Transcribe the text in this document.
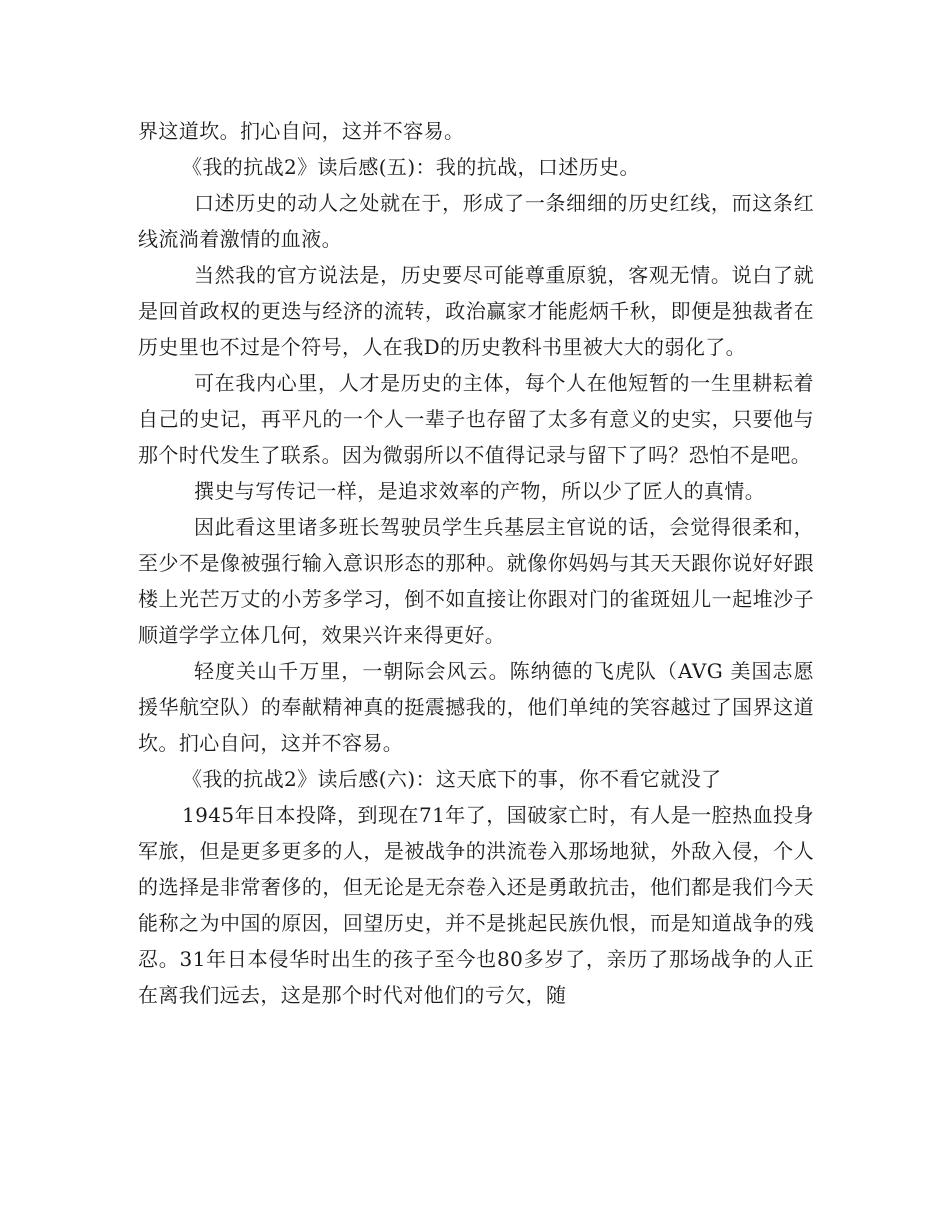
界这道坎。扪心自问，这并不容易。

《我的抗战2》读后感(五)：我的抗战，口述历史。

口述历史的动人之处就在于，形成了一条细细的历史红线，而这条红线流淌着激情的血液。

当然我的官方说法是，历史要尽可能尊重原貌，客观无情。说白了就是回首政权的更迭与经济的流转，政治赢家才能彪炳千秋，即便是独裁者在历史里也不过是个符号，人在我D的历史教科书里被大大的弱化了。

可在我内心里，人才是历史的主体，每个人在他短暂的一生里耕耘着自己的史记，再平凡的一个人一辈子也存留了太多有意义的史实，只要他与那个时代发生了联系。因为微弱所以不值得记录与留下了吗？恐怕不是吧。

撰史与写传记一样，是追求效率的产物，所以少了匠人的真情。

因此看这里诸多班长驾驶员学生兵基层主官说的话，会觉得很柔和，至少不是像被强行输入意识形态的那种。就像你妈妈与其天天跟你说好好跟楼上光芒万丈的小芳多学习，倒不如直接让你跟对门的雀斑妞儿一起堆沙子顺道学学立体几何，效果兴许来得更好。

轻度关山千万里，一朝际会风云。陈纳德的飞虎队（AVG 美国志愿援华航空队）的奉献精神真的挺震撼我的，他们单纯的笑容越过了国界这道坎。扪心自问，这并不容易。

《我的抗战2》读后感(六)：这天底下的事，你不看它就没了

1945年日本投降，到现在71年了，国破家亡时，有人是一腔热血投身军旅，但是更多更多的人，是被战争的洪流卷入那场地狱，外敌入侵，个人的选择是非常奢侈的，但无论是无奈卷入还是勇敢抗击，他们都是我们今天能称之为中国的原因，回望历史，并不是挑起民族仇恨，而是知道战争的残忍。31年日本侵华时出生的孩子至今也80多岁了，亲历了那场战争的人正在离我们远去，这是那个时代对他们的亏欠，随
